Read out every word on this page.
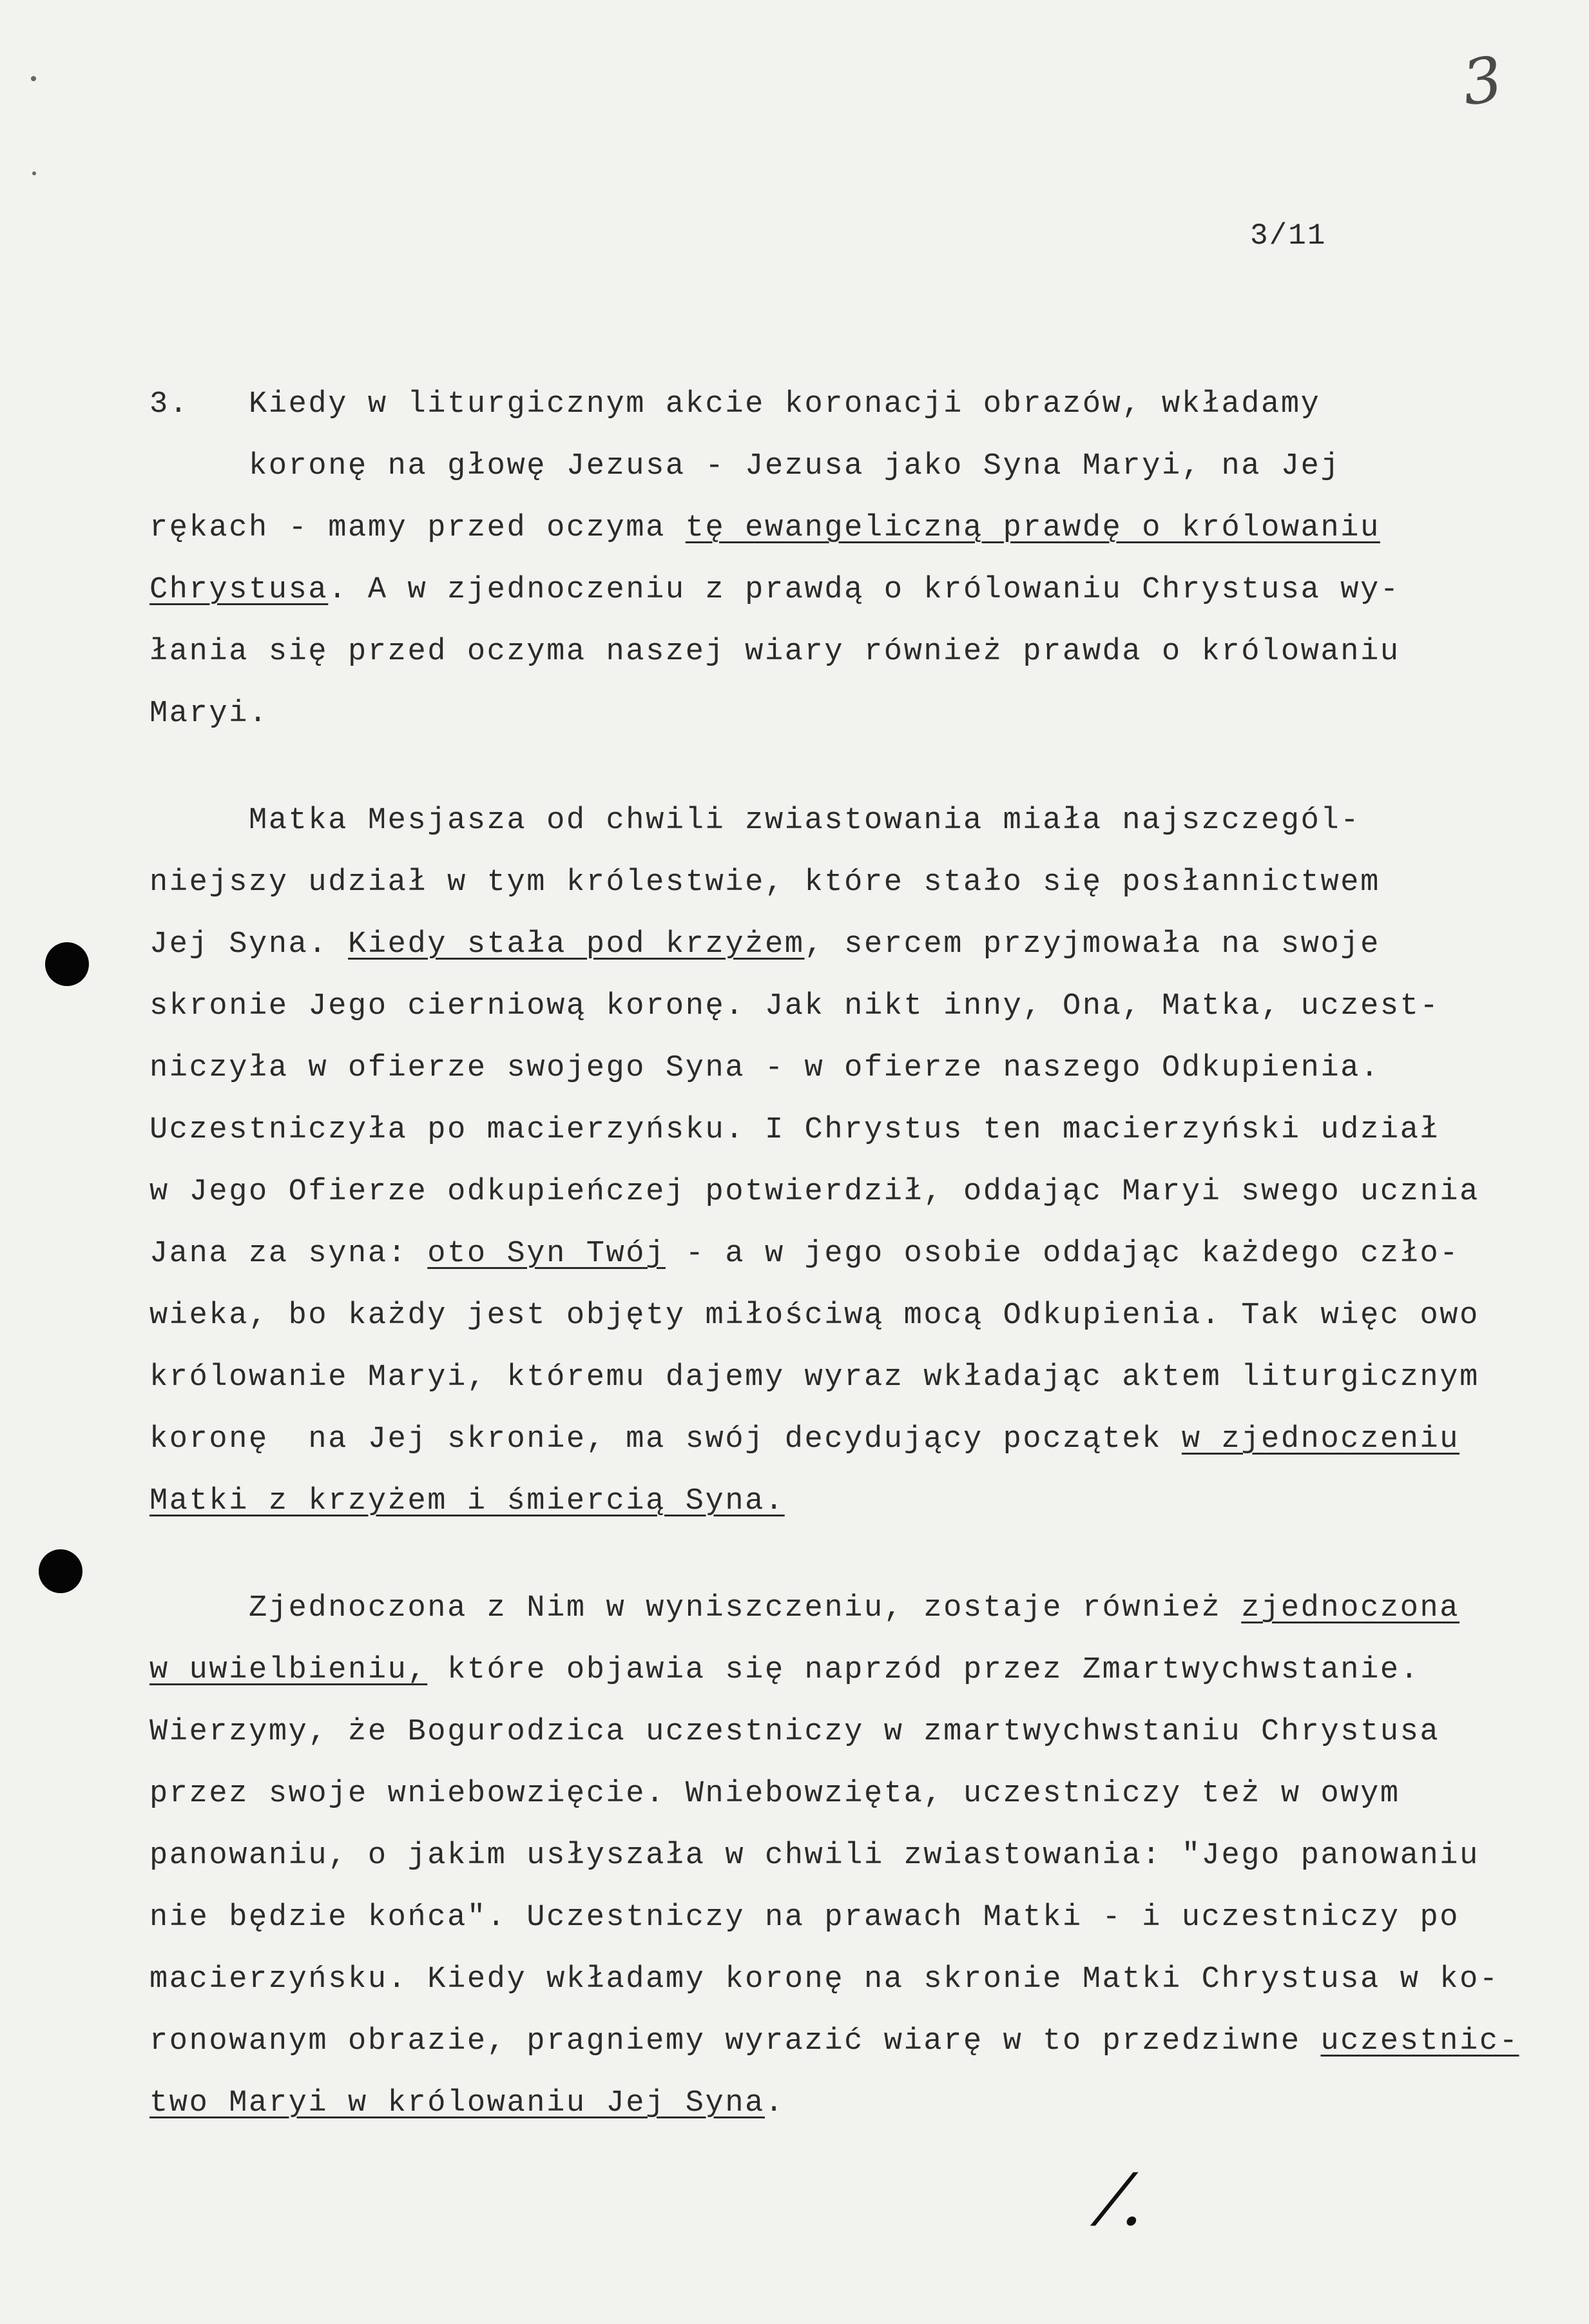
3
3/11
3.   Kiedy w liturgicznym akcie koronacji obrazów, wkładamy
koronę na głowę Jezusa - Jezusa jako Syna Maryi, na Jej
rękach - mamy przed oczyma tę ewangeliczną prawdę o królowaniu
Chrystusa. A w zjednoczeniu z prawdą o królowaniu Chrystusa wy-
łania się przed oczyma naszej wiary również prawda o królowaniu
Maryi.
Matka Mesjasza od chwili zwiastowania miała najszczegól-
niejszy udział w tym królestwie, które stało się posłannictwem
Jej Syna. Kiedy stała pod krzyżem, sercem przyjmowała na swoje
skronie Jego cierniową koronę. Jak nikt inny, Ona, Matka, uczest-
niczyła w ofierze swojego Syna - w ofierze naszego Odkupienia.
Uczestniczyła po macierzyńsku. I Chrystus ten macierzyński udział
w Jego Ofierze odkupieńczej potwierdził, oddając Maryi swego ucznia
Jana za syna: oto Syn Twój - a w jego osobie oddając każdego czło-
wieka, bo każdy jest objęty miłościwą mocą Odkupienia. Tak więc owo
królowanie Maryi, któremu dajemy wyraz wkładając aktem liturgicznym
koronę  na Jej skronie, ma swój decydujący początek w zjednoczeniu
Matki z krzyżem i śmiercią Syna.
Zjednoczona z Nim w wyniszczeniu, zostaje również zjednoczona
w uwielbieniu, które objawia się naprzód przez Zmartwychwstanie.
Wierzymy, że Bogurodzica uczestniczy w zmartwychwstaniu Chrystusa
przez swoje wniebowzięcie. Wniebowzięta, uczestniczy też w owym
panowaniu, o jakim usłyszała w chwili zwiastowania: "Jego panowaniu
nie będzie końca". Uczestniczy na prawach Matki - i uczestniczy po
macierzyńsku. Kiedy wkładamy koronę na skronie Matki Chrystusa w ko-
ronowanym obrazie, pragniemy wyrazić wiarę w to przedziwne uczestnic-
two Maryi w królowaniu Jej Syna.
⁄.
